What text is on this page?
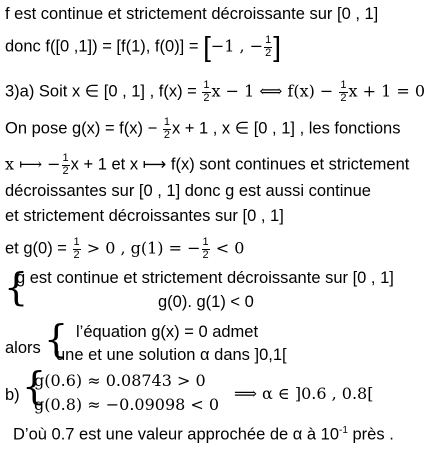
f est continue et strictement décroissante sur [0 , 1]
donc f([0 ,1]) = [f(1), f(0)] = [−1 , − $\frac{1}{2}$ ]
3)a) Soit x ∈ [0 , 1] , $f(x) = \frac{1}{2}$ x − 1 ⟺ $f(x) - \frac{1}{2}$ x + 1 = 0
On pose $g(x) = f(x) - \frac{1}{2}$ x + 1 , x ∈ [0 , 1] , les fonctions
x ⟼ − $\frac{1}{2}$ x + 1 et x ⟼ f(x) sont continues et strictement
décroissantes sur [0 , 1] donc g est aussi continue
et strictement décroissantes sur [0 , 1]
et $g(0) = \frac{1}{2} > 0$ , g(1) = − $\frac{1}{2} < 0$
{
g est continue et strictement décroissante sur [0 , 1]
g(0). g(1) < 0
alors { l’équation g(x) = 0 admet
une et une solution α dans ]0,1[
b) {
g(0.6) ≈ 0.08743 > 0
⟹ α ∈ ]0.6 , 0.8[
g(0.8) ≈ −0.09098 < 0
D’où 0.7 est une valeur approchée de α à $10^{-1}$ près .
